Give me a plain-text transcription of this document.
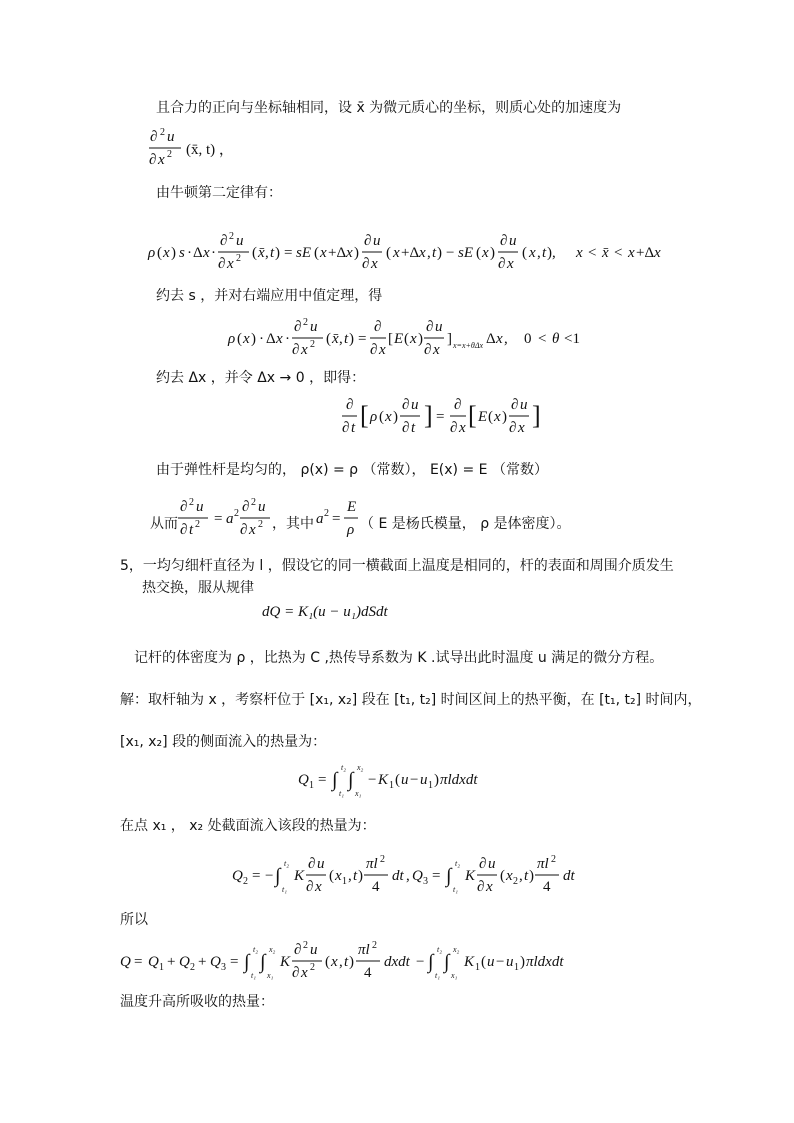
且合力的正向与坐标轴相同，设 x̄ 为微元质心的坐标，则质心处的加速度为
∂ 2 u
∂ x 2 (x̄, t) ，
由牛顿第二定律有：
ρ ( x ) s · Δ x ·
∂ 2 u
∂ x 2 ( x̄ , t ) = sE ( x +Δ x )
∂ u
∂ x
( x +Δ x , t ) − sE ( x )
∂ u
∂ x
( x , t ), x < x̄ < x +Δ x
约去 s ，并对右端应用中值定理，得
ρ ( x ) · Δ x ·
∂ 2 u
∂ x 2 ( x̄ , t ) =
∂
∂ x
[ E ( x )
∂ u
∂ x
] x=x+θΔx Δ x , 0 < θ <1
约去 Δx ，并令 Δx → 0 ，即得：
∂
∂ t [ ρ ( x )
∂ u
∂ t ] =
∂
∂ x [ E ( x )
∂ u
∂ x ]
由于弹性杆是均匀的， ρ(x) = ρ （常数）， E(x) = E （常数）
从而
∂ 2 u
∂ t 2 = a 2 ∂ 2 u
∂ x 2 ，其中 a 2 =
E
ρ （ E 是杨氏模量， ρ 是体密度）。
5，一均匀细杆直径为 l ，假设它的同一横截面上温度是相同的，杆的表面和周围介质发生
热交换，服从规律
dQ = K₁(u − u₁)dSdt
记杆的体密度为 ρ ，比热为 C ,热传导系数为 K .试导出此时温度 u 满足的微分方程。
解：取杆轴为 x ，考察杆位于 [x₁, x₂] 段在 [t₁, t₂] 时间区间上的热平衡，在 [t₁, t₂] 时间内，
[x₁, x₂] 段的侧面流入的热量为：
Q 1 = ∫
t₂
t₁
∫
x₂
x₁
− K 1 ( u − u 1 ) πldxdt
在点 x₁ ， x₂ 处截面流入该段的热量为：
Q 2 = − ∫
t₂
t₁
K
∂ u
∂ x
( x 1 , t )
πl 2
4
dt , Q 3 = ∫
t₂
t₁
K
∂ u
∂ x
( x 2 , t )
πl 2
4
dt
所以
Q = Q 1 + Q 2 + Q 3 = ∫
t₂
t₁
∫
x₂
x₁
K
∂ 2 u
∂ x 2 ( x , t )
πl 2
4
dxdt − ∫
t₂
t₁
∫
x₂
x₁
K 1 ( u − u 1 ) πldxdt
温度升高所吸收的热量：
